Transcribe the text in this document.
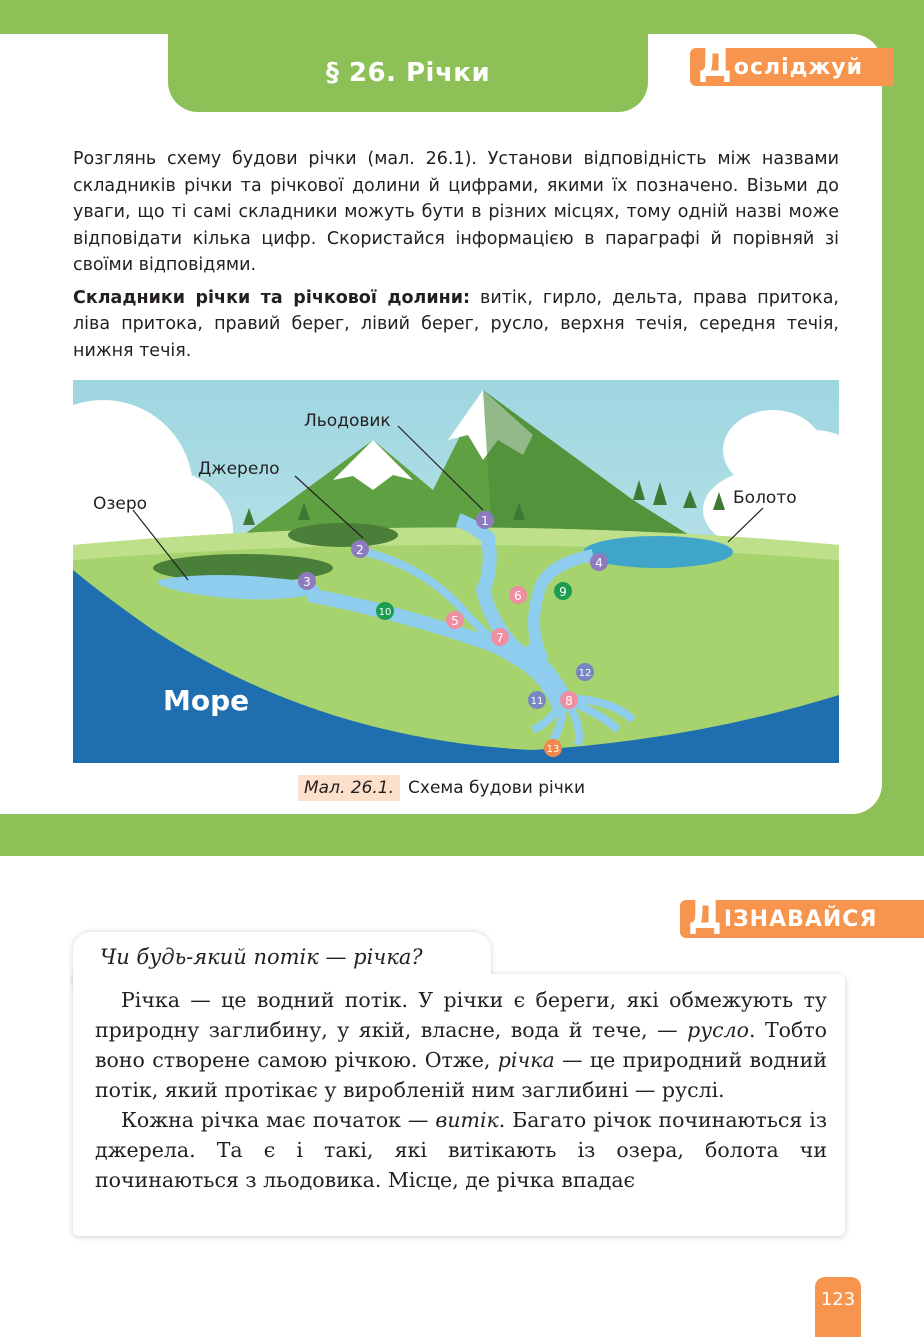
§ 26. Річки	Д осліджуй

Розглянь схему будови річки (мал. 26.1). Установи відповідність між назвами складників річки та річкової долини й цифрами, якими їх позначено. Візьми до уваги, що ті самі складники можуть бути в різних місцях, тому одній назві може відповідати кілька цифр. Скористайся інформацією в параграфі й порівняй зі своїми відповідями.

Складники річки та річкової долини: витік, гирло, дельта, права притока, ліва притока, правий берег, лівий берег, русло, верхня течія, середня течія, нижня течія.

Льодовик
Джерело
Озеро	Болото
Море
1
2
3
4
5
6
7
8
9
10
11
12
13
Мал. 26.1. Схема будови річки
Д ІЗНАВАЙСЯ
Чи будь-який потік — річка?

Річка — це водний потік. У річки є береги, які обмежують ту природну заглибину, у якій, власне, вода й тече, — русло. Тобто воно створене самою річкою. Отже, річка — це природний водний потік, який протікає у виробленій ним заглибині — руслі.

Кожна річка має початок — витік. Багато річок починаються із джерела. Та є і такі, які витікають із озера, болота чи починаються з льодовика. Місце, де річка впадає

123
